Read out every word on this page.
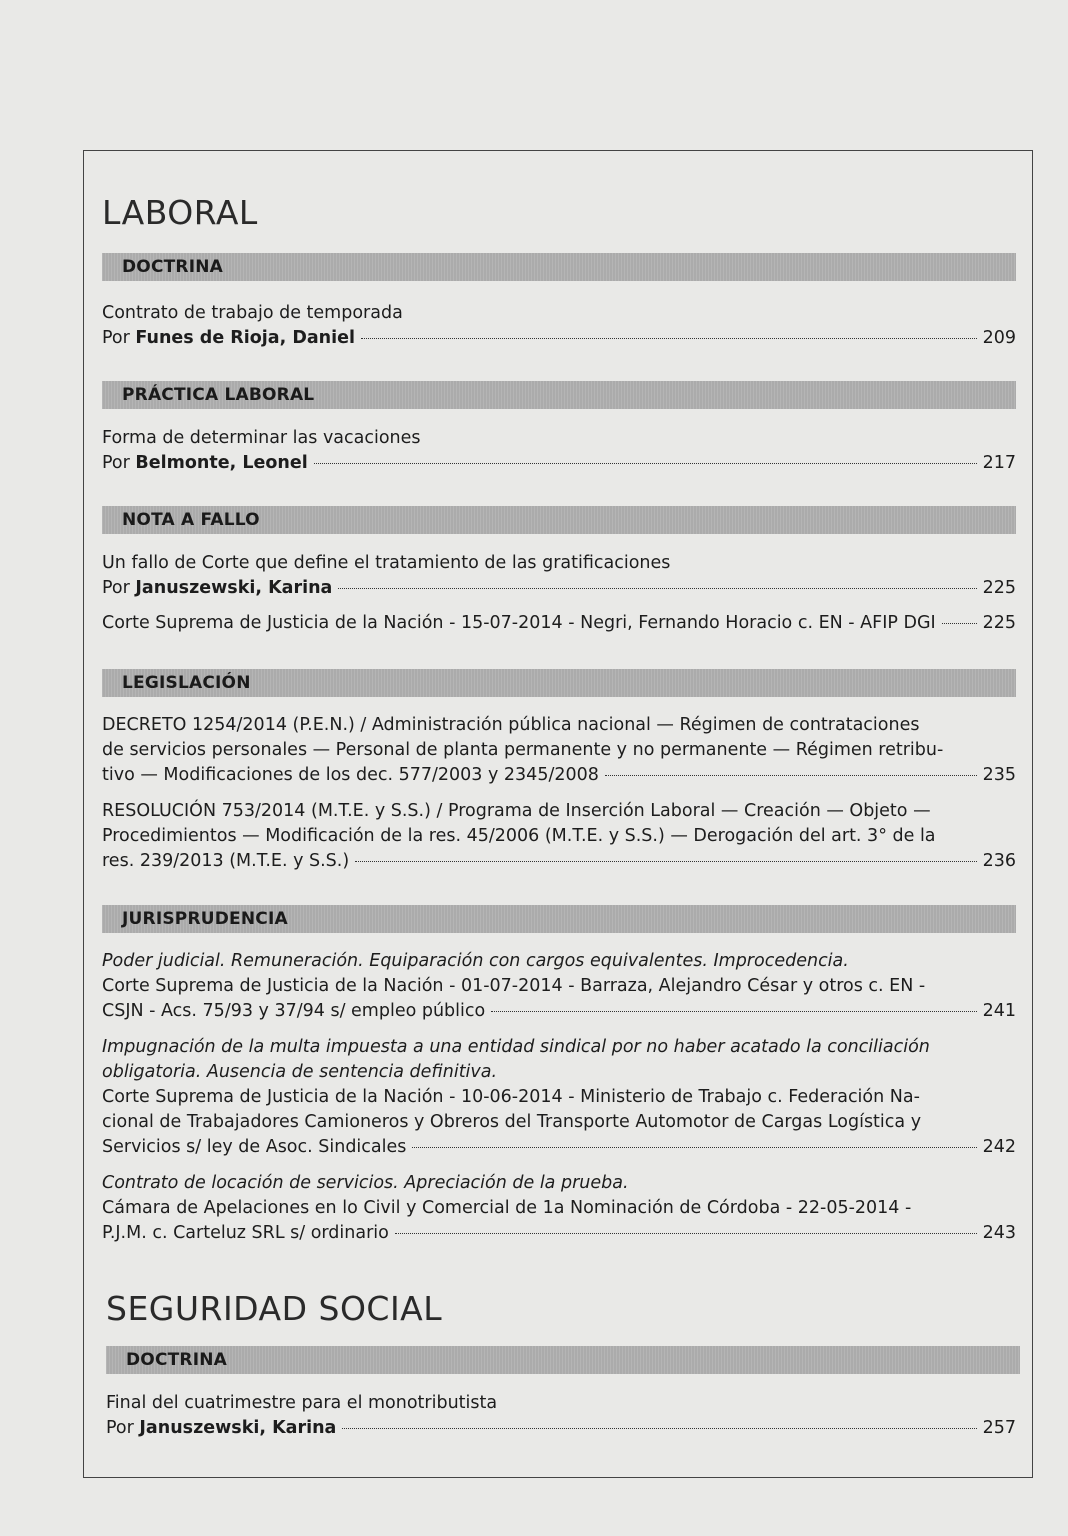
LABORAL
DOCTRINA
Contrato de trabajo de temporada
Por Funes de Rioja, Daniel	209
PRÁCTICA LABORAL
Forma de determinar las vacaciones
Por Belmonte, Leonel	217
NOTA A FALLO
Un fallo de Corte que define el tratamiento de las gratificaciones
Por Januszewski, Karina	225
Corte Suprema de Justicia de la Nación - 15-07-2014 - Negri, Fernando Horacio c. EN - AFIP DGI	225
LEGISLACIÓN
DECRETO 1254/2014 (P.E.N.) / Administración pública nacional — Régimen de contrataciones
de servicios personales — Personal de planta permanente y no permanente — Régimen retribu-
tivo — Modificaciones de los dec. 577/2003 y 2345/2008	235
RESOLUCIÓN 753/2014 (M.T.E. y S.S.) / Programa de Inserción Laboral — Creación — Objeto —
Procedimientos — Modificación de la res. 45/2006 (M.T.E. y S.S.) — Derogación del art. 3° de la
res. 239/2013 (M.T.E. y S.S.)	236
JURISPRUDENCIA
Poder judicial. Remuneración. Equiparación con cargos equivalentes. Improcedencia.
Corte Suprema de Justicia de la Nación - 01-07-2014 - Barraza, Alejandro César y otros c. EN -
CSJN - Acs. 75/93 y 37/94 s/ empleo público	241
Impugnación de la multa impuesta a una entidad sindical por no haber acatado la conciliación
obligatoria. Ausencia de sentencia definitiva.
Corte Suprema de Justicia de la Nación - 10-06-2014 - Ministerio de Trabajo c. Federación Na-
cional de Trabajadores Camioneros y Obreros del Transporte Automotor de Cargas Logística y
Servicios s/ ley de Asoc. Sindicales	242
Contrato de locación de servicios. Apreciación de la prueba.
Cámara de Apelaciones en lo Civil y Comercial de 1a Nominación de Córdoba - 22-05-2014 -
P.J.M. c. Carteluz SRL s/ ordinario	243
SEGURIDAD SOCIAL
DOCTRINA
Final del cuatrimestre para el monotributista
Por Januszewski, Karina	257
